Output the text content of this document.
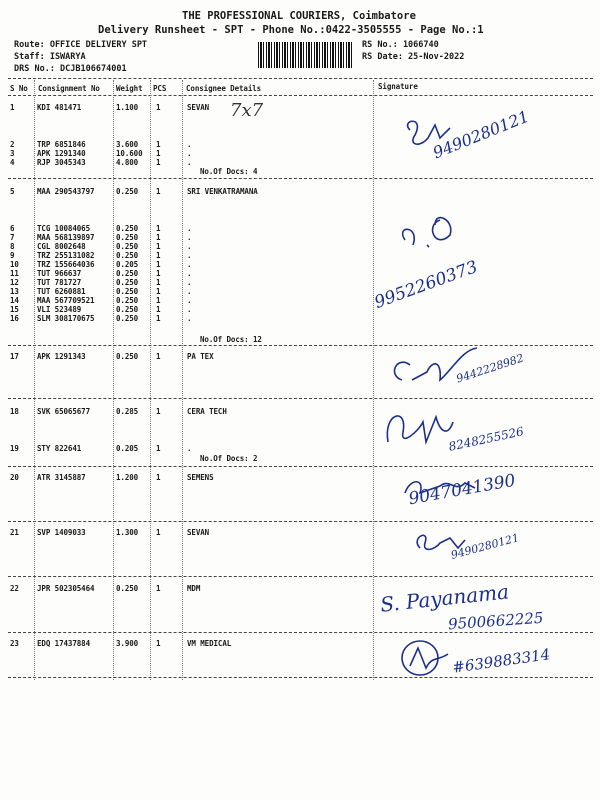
THE PROFESSIONAL COURIERS, Coimbatore
Delivery Runsheet - SPT - Phone No.:0422-3505555 - Page No.:1
Route: OFFICE DELIVERY SPT
Staff: ISWARYA
DRS No.: DCJB106674001
RS No.: 1066740
RS Date: 25-Nov-2022
S No Consignment No Weight PCS	Consignee Details	Signature
1	KDI 481471	1.100 1	SEVAN
2	TRP 6851846	3.600 1	.
3	APK 1291340	10.600 1	.
4	RJP 3045343	4.800 1	.
5	MAA 290543797	0.250 1	SRI VENKATRAMANA
6	TCG 10084065	0.250 1	.
7	MAA 568139897	0.250 1	.
8	CGL 8002648	0.250 1	.
9	TRZ 255131082	0.250 1	.
10 TRZ 155664036	0.205 1	.
11 TUT 966637	0.250 1	.
12 TUT 781727	0.250 1	.
13 TUT 6260881	0.250 1	.
14 MAA 567709521	0.250 1	.
15 VLI 523489	0.250 1	.
16 SLM 308170675	0.250 1	.
17 APK 1291343	0.250 1	PA TEX
18 SVK 65065677	0.285 1	CERA TECH
19 STY 822641	0.205 1	.
20 ATR 3145887	1.200 1	SEMENS
21 SVP 1409033	1.300 1	SEVAN
22 JPR 502305464	0.250 1	MDM
23 EDQ 17437884	3.900 1	VM MEDICAL
No.Of Docs: 4
No.Of Docs: 12
No.Of Docs: 2
7x7	9490280121
9952260373
9442228982
8248255526
9047041390
9490280121
S. Payanama
9500662225
#639883314
